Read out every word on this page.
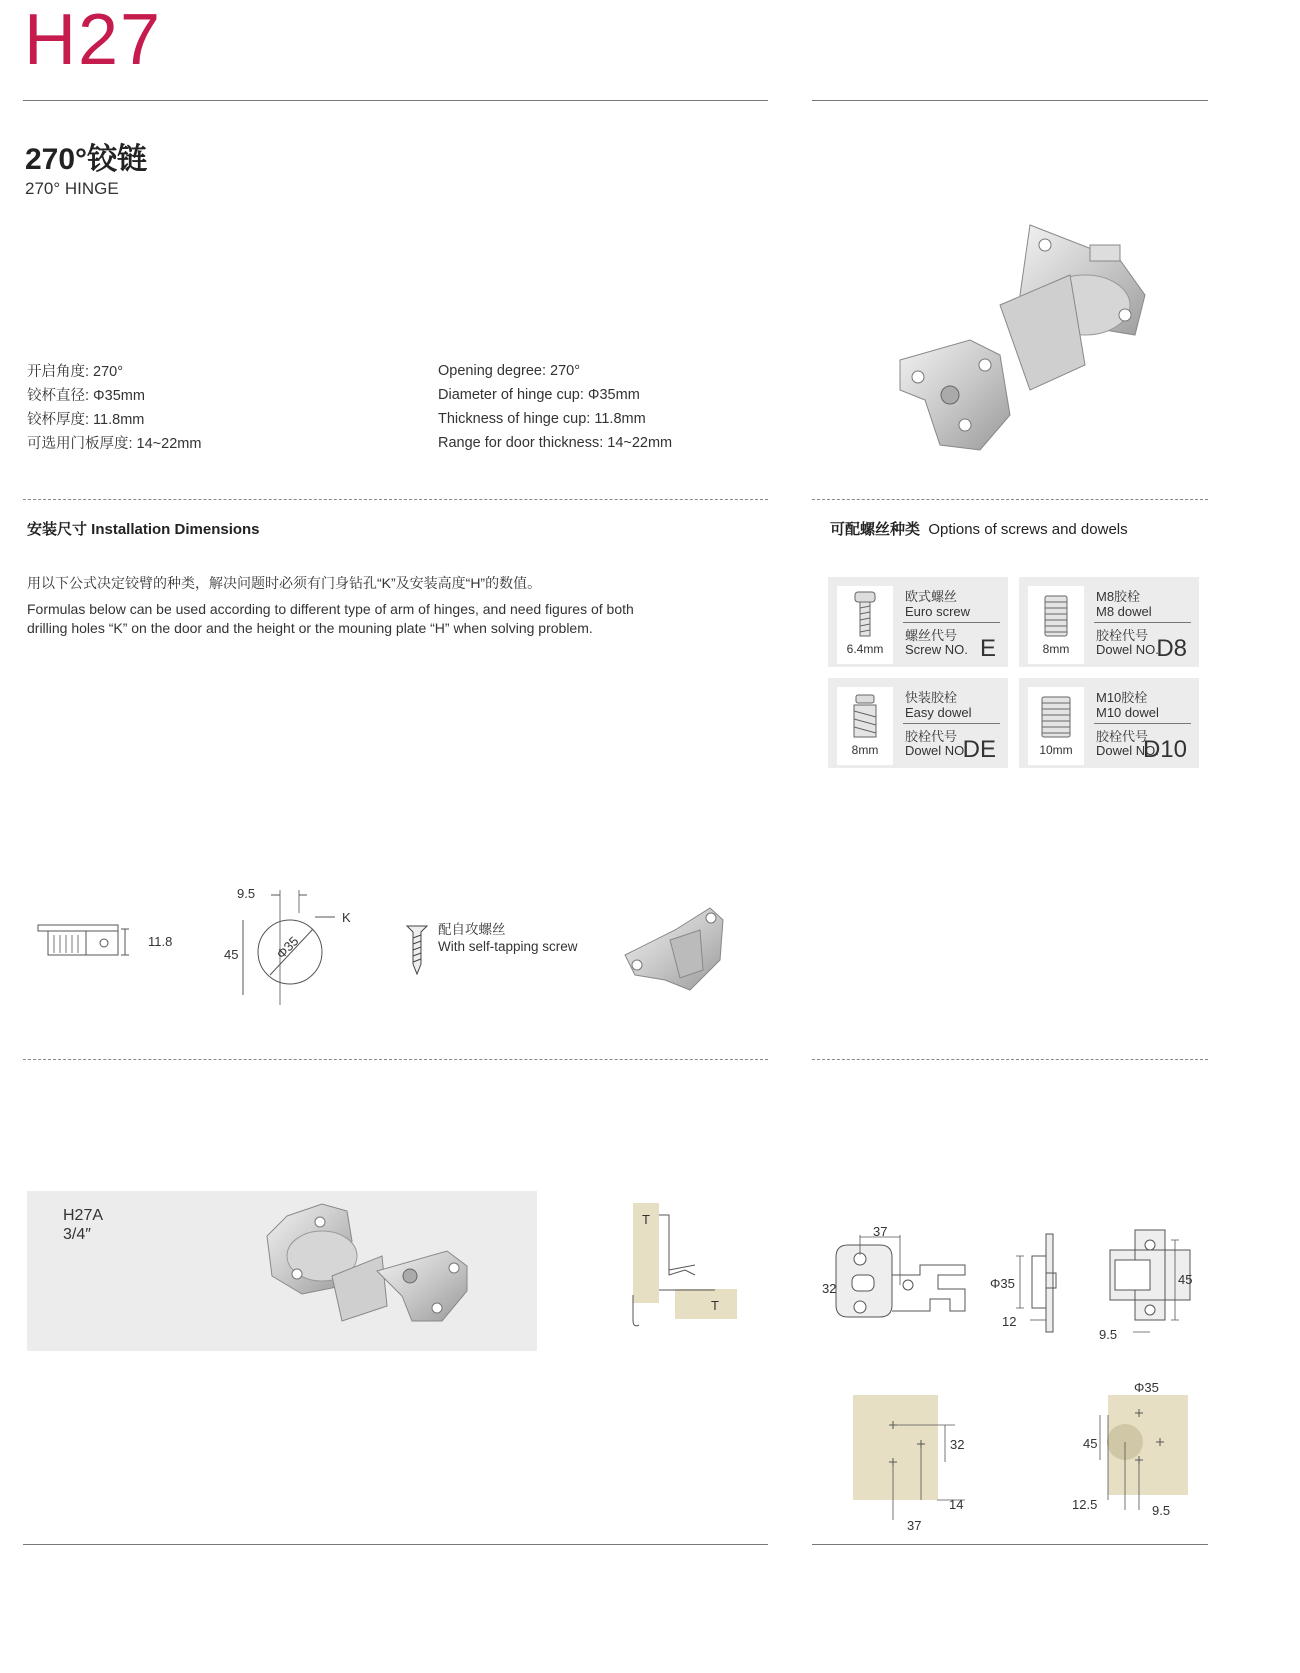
H27
270°铰链
270° HINGE
开启角度: 270°
铰杯直径: Φ35mm
铰杯厚度: 11.8mm
可选用门板厚度: 14~22mm
Opening degree: 270°
Diameter of hinge cup: Φ35mm
Thickness of hinge cup: 11.8mm
Range for door thickness: 14~22mm
安装尺寸 Installation Dimensions
用以下公式决定铰臂的种类，解决问题时必须有门身钻孔“K”及安装高度“H”的数值。
Formulas below can be used according to different type of arm of hinges, and need figures of both
drilling holes “K” on the door and the height or the mouning plate “H” when solving problem.
可配螺丝种类 Options of screws and dowels
6.4mm
欧式螺丝
Euro screw
螺丝代号
Screw NO. E	8mm
M8胶栓
M8 dowel
胶栓代号
Dowel NO.
D8
8mm
快装胶栓
Easy dowel
胶栓代号
Dowel NO.
DE	10mm
M10胶栓
M10 dowel
胶栓代号
Dowel NO.
D10
11.8
9.5
K
45	Φ35
配自攻螺丝
With self-tapping screw
H27A
3/4″
T
T
37
32	Φ35
12
45
9.5
32
14
37
Φ35
45
12.5	9.5
